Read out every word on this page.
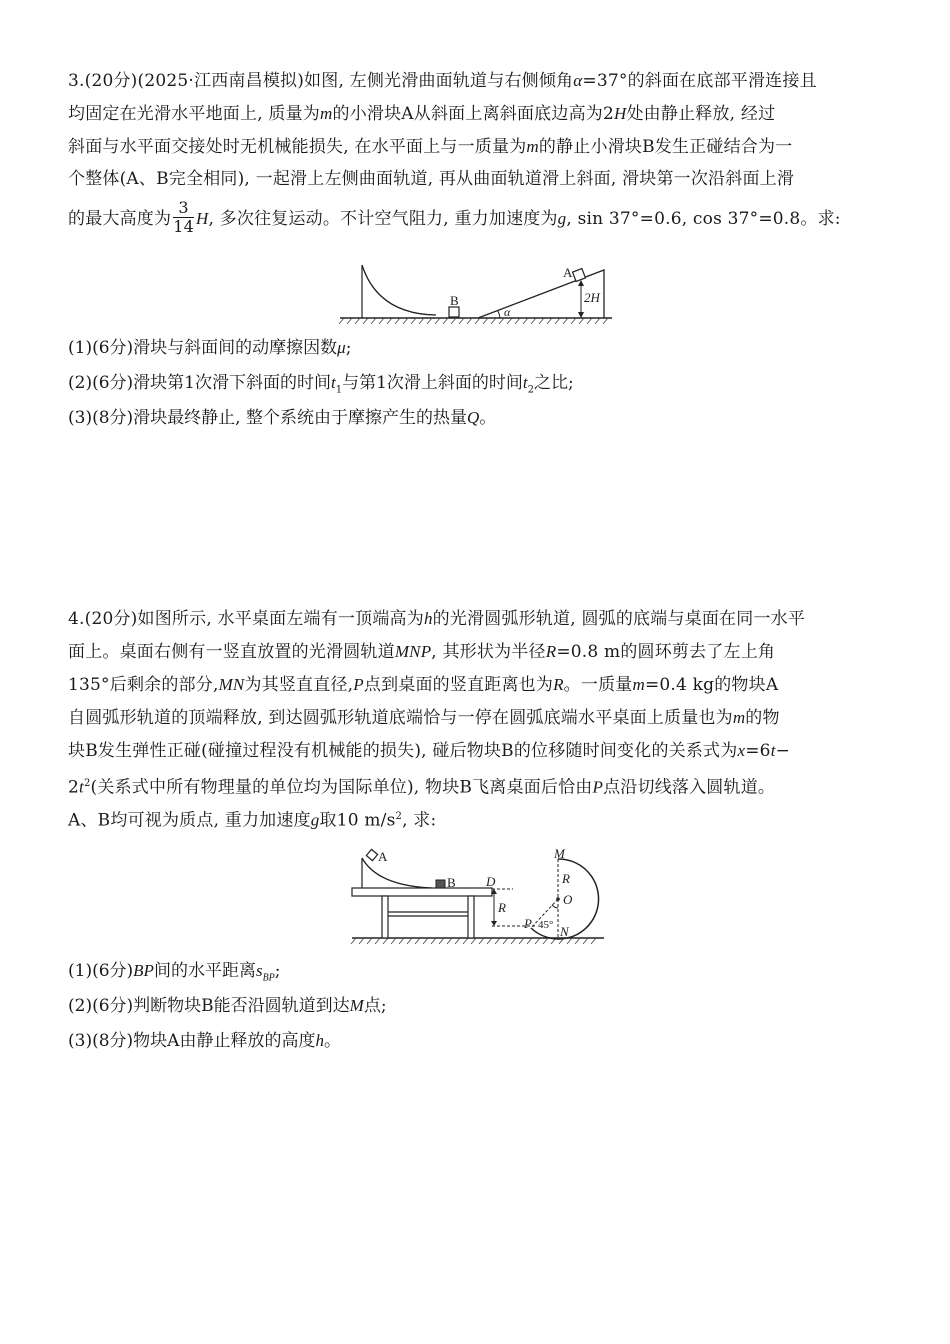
3.(20分)(2025·江西南昌模拟)如图, 左侧光滑曲面轨道与右侧倾角α=37°的斜面在底部平滑连接且
均固定在光滑水平地面上, 质量为m的小滑块A从斜面上离斜面底边高为2H处由静止释放, 经过
斜面与水平面交接处时无机械能损失, 在水平面上与一质量为m的静止小滑块B发生正碰结合为一
个整体(A、B完全相同), 一起滑上左侧曲面轨道, 再从曲面轨道滑上斜面, 滑块第一次沿斜面上滑
的最大高度为 $\frac{3}{14} H$, 多次往复运动。不计空气阻力, 重力加速度为g, sin 37°=0.6, cos 37°=0.8。求:
B
α
A
2H
(1)(6分)滑块与斜面间的动摩擦因数μ;
(2)(6分)滑块第1次滑下斜面的时间$t_1$与第1次滑上斜面的时间$t_2$之比;
(3)(8分)滑块最终静止, 整个系统由于摩擦产生的热量Q。
4.(20分)如图所示, 水平桌面左端有一顶端高为h的光滑圆弧形轨道, 圆弧的底端与桌面在同一水平
面上。桌面右侧有一竖直放置的光滑圆轨道MNP, 其形状为半径R=0.8 m的圆环剪去了左上角
135°后剩余的部分,MN为其竖直直径,P点到桌面的竖直距离也为R。一质量m=0.4 kg的物块A
自圆弧形轨道的顶端释放, 到达圆弧形轨道底端恰与一停在圆弧底端水平桌面上质量也为m的物
块B发生弹性正碰(碰撞过程没有机械能的损失), 碰后物块B的位移随时间变化的关系式为x=6t−
$2t^2$(关系式中所有物理量的单位均为国际单位), 物块B飞离桌面后恰由P点沿切线落入圆轨道。
A、B均可视为质点, 重力加速度g取10 $m/s^2$, 求:
A
B D
R
M
R
O
P 45° N
(1)(6分)BP间的水平距离$s_{BP}$;
(2)(6分)判断物块B能否沿圆轨道到达M点;
(3)(8分)物块A由静止释放的高度h。
